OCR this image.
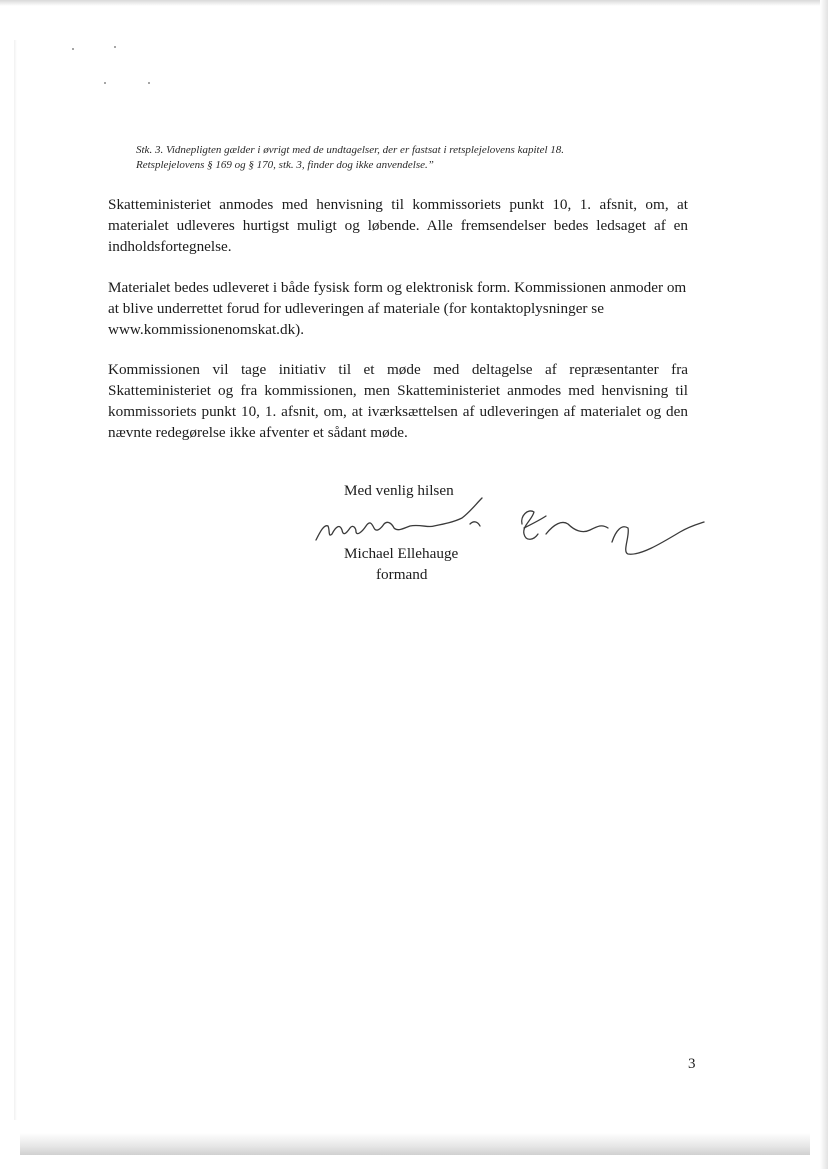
Stk. 3. Vidnepligten gælder i øvrigt med de undtagelser, der er fastsat i retsplejelovens kapitel 18.

Retsplejelovens § 169 og § 170, stk. 3, finder dog ikke anvendelse.”

Skatteministeriet anmodes med henvisning til kommissoriets punkt 10, 1. afsnit, om, at materialet udleveres hurtigst muligt og løbende. Alle fremsendelser bedes ledsaget af en indholdsfortegnelse.

Materialet bedes udleveret i både fysisk form og elektronisk form. Kommissionen anmoder om at blive underrettet forud for udleveringen af materiale (for kontaktoplysninger se www.kommissionenomskat.dk).

Kommissionen vil tage initiativ til et møde med deltagelse af repræsentanter fra Skatteministeriet og fra kommissionen, men Skatteministeriet anmodes med henvisning til kommissoriets punkt 10, 1. afsnit, om, at iværksættelsen af udleveringen af materialet og den nævnte redegørelse ikke afventer et sådant møde.

Med venlig hilsen
Michael Ellehauge
formand
3
